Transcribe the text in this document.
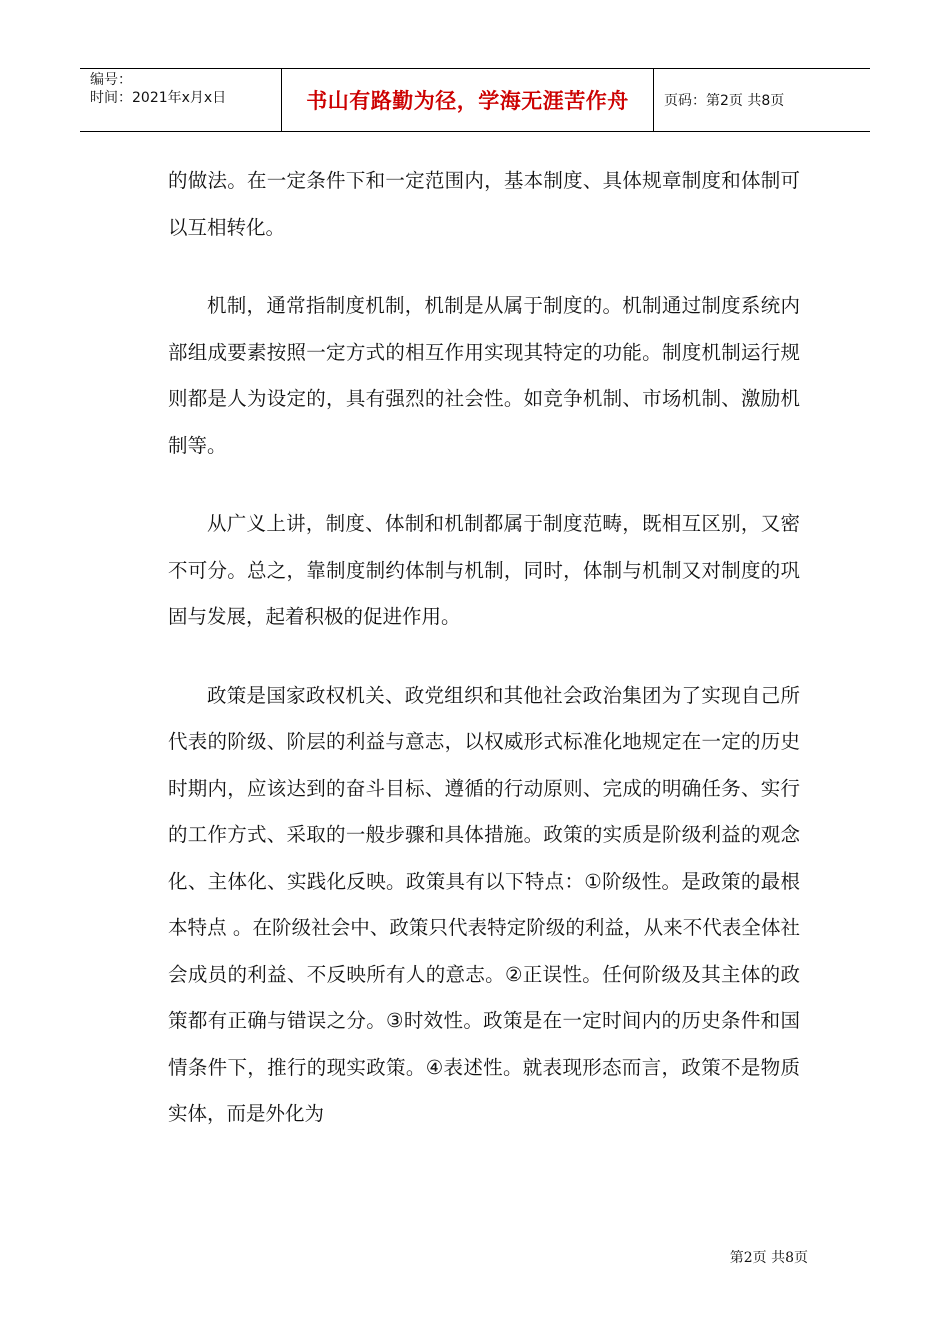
编号：
时间：2021年x月x日	书山有路勤为径，学海无涯苦作舟	页码：第2页 共8页

的做法。在一定条件下和一定范围内，基本制度、具体规章制度和体制可以互相转化。

机制，通常指制度机制，机制是从属于制度的。机制通过制度系统内部组成要素按照一定方式的相互作用实现其特定的功能。制度机制运行规则都是人为设定的，具有强烈的社会性。如竞争机制、市场机制、激励机制等。

从广义上讲，制度、体制和机制都属于制度范畴，既相互区别，又密不可分。总之，靠制度制约体制与机制，同时，体制与机制又对制度的巩固与发展，起着积极的促进作用。

政策是国家政权机关、政党组织和其他社会政治集团为了实现自己所代表的阶级、阶层的利益与意志，以权威形式标准化地规定在一定的历史时期内，应该达到的奋斗目标、遵循的行动原则、完成的明确任务、实行的工作方式、采取的一般步骤和具体措施。政策的实质是阶级利益的观念化、主体化、实践化反映。政策具有以下特点：①阶级性。是政策的最根本特点 。在阶级社会中、政策只代表特定阶级的利益，从来不代表全体社会成员的利益、不反映所有人的意志。②正误性。任何阶级及其主体的政策都有正确与错误之分。③时效性。政策是在一定时间内的历史条件和国情条件下，推行的现实政策。④表述性。就表现形态而言，政策不是物质实体，而是外化为

第2页 共8页
